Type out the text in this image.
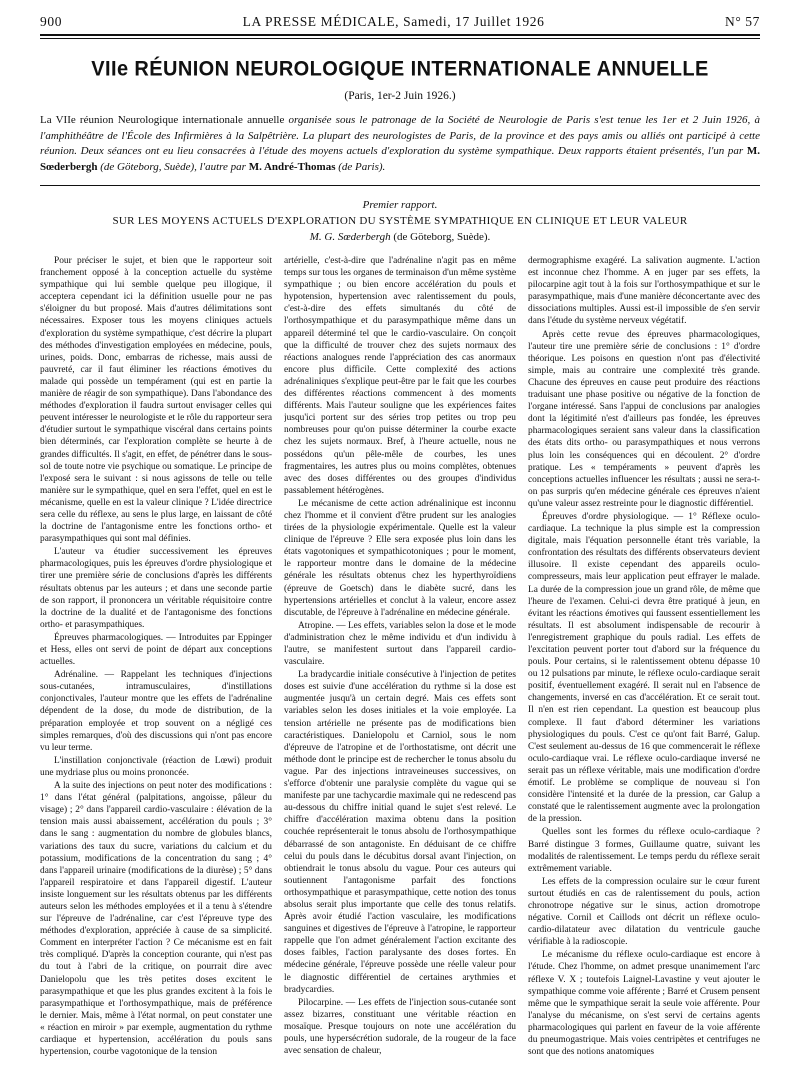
900	LA PRESSE MÉDICALE, Samedi, 17 Juillet 1926	N° 57
VIIe RÉUNION NEUROLOGIQUE INTERNATIONALE ANNUELLE
(Paris, 1er-2 Juin 1926.)
La VIIe réunion Neurologique internationale annuelle organisée sous le patronage de la Société de Neurologie de Paris s'est tenue les 1er et 2 Juin 1926, à l'amphithéâtre de l'École des Infirmières à la Salpêtrière. La plupart des neurologistes de Paris, de la province et des pays amis ou alliés ont participé à cette réunion. Deux séances ont eu lieu consacrées à l'étude des moyens actuels d'exploration du système sympathique. Deux rapports étaient présentés, l'un par M. Sœderbergh (de Göteborg, Suède), l'autre par M. André-Thomas (de Paris).
Premier rapport.
SUR LES MOYENS ACTUELS D'EXPLORATION DU SYSTÈME SYMPATHIQUE EN CLINIQUE ET LEUR VALEUR
M. G. Sœderbergh (de Göteborg, Suède).

Pour préciser le sujet, et bien que le rapporteur soit franchement opposé à la conception actuelle du système sympathique qui lui semble quelque peu illogique, il acceptera cependant ici la définition usuelle pour ne pas s'éloigner du but proposé. Mais d'autres délimitations sont nécessaires. Exposer tous les moyens cliniques actuels d'exploration du système sympathique, c'est décrire la plupart des méthodes d'investigation employées en médecine, pouls, urines, poids. Donc, embarras de richesse, mais aussi de pauvreté, car il faut éliminer les réactions émotives du malade qui possède un tempérament (qui est en partie la manière de réagir de son sympathique). Dans l'abondance des méthodes d'exploration il faudra surtout envisager celles qui peuvent intéresser le neurologiste et le rôle du rapporteur sera d'étudier surtout le sympathique viscéral dans certains points bien déterminés, car l'exploration complète se heurte à de grandes difficultés. Il s'agit, en effet, de pénétrer dans le sous-sol de toute notre vie psychique ou somatique. Le principe de l'exposé sera le suivant : si nous agissons de telle ou telle manière sur le sympathique, quel en sera l'effet, quel en est le mécanisme, quelle en est la valeur clinique ? L'idée directrice sera celle du réflexe, au sens le plus large, en laissant de côté la doctrine de l'antagonisme entre les fonctions ortho- et parasympathiques qui sont mal définies.

L'auteur va étudier successivement les épreuves pharmacologiques, puis les épreuves d'ordre physiologique et tirer une première série de conclusions d'après les différents résultats obtenus par les auteurs ; et dans une seconde partie de son rapport, il prononcera un véritable réquisitoire contre la doctrine de la dualité et de l'antagonisme des fonctions ortho- et parasympathiques.

Épreuves pharmacologiques. — Introduites par Eppinger et Hess, elles ont servi de point de départ aux conceptions actuelles.

Adrénaline. — Rappelant les techniques d'injections sous-cutanées, intramusculaires, d'instillations conjonctivales, l'auteur montre que les effets de l'adrénaline dépendent de la dose, du mode de distribution, de la préparation employée et trop souvent on a négligé ces simples remarques, d'où des discussions qui n'ont pas encore vu leur terme.

L'instillation conjonctivale (réaction de Lœwi) produit une mydriase plus ou moins prononcée.

A la suite des injections on peut noter des modifications : 1° dans l'état général (palpitations, angoisse, pâleur du visage) ; 2° dans l'appareil cardio-vasculaire : élévation de la tension mais aussi abaissement, accélération du pouls ; 3° dans le sang : augmentation du nombre de globules blancs, variations des taux du sucre, variations du calcium et du potassium, modifications de la concentration du sang ; 4° dans l'appareil urinaire (modifications de la diurèse) ; 5° dans l'appareil respiratoire et dans l'appareil digestif. L'auteur insiste longuement sur les résultats obtenus par les différents auteurs selon les méthodes employées et il a tenu à s'étendre sur l'épreuve de l'adrénaline, car c'est l'épreuve type des méthodes d'exploration, appréciée à cause de sa simplicité. Comment en interpréter l'action ? Ce mécanisme est en fait très compliqué. D'après la conception courante, qui n'est pas du tout à l'abri de la critique, on pourrait dire avec Danielopolu que les très petites doses excitent le parasympathique et que les plus grandes excitent à la fois le parasympathique et l'orthosympathique, mais de préférence le dernier. Mais, même à l'état normal, on peut constater une « réaction en miroir » par exemple, augmentation du rythme cardiaque et hypertension, accélération du pouls sans hypertension, courbe vagotonique de la tension

artérielle, c'est-à-dire que l'adrénaline n'agit pas en même temps sur tous les organes de terminaison d'un même système sympathique ; ou bien encore accélération du pouls et hypotension, hypertension avec ralentissement du pouls, c'est-à-dire des effets simultanés du côté de l'orthosympathique et du parasympathique même dans un appareil déterminé tel que le cardio-vasculaire. On conçoit que la difficulté de trouver chez des sujets normaux des réactions analogues rende l'appréciation des cas anormaux encore plus difficile. Cette complexité des actions adrénaliniques s'explique peut-être par le fait que les courbes des différentes réactions commencent à des moments différents. Mais l'auteur souligne que les expériences faites jusqu'ici portent sur des séries trop petites ou trop peu nombreuses pour qu'on puisse déterminer la courbe exacte chez les sujets normaux. Bref, à l'heure actuelle, nous ne possédons qu'un pêle-mêle de courbes, les unes fragmentaires, les autres plus ou moins complètes, obtenues avec des doses différentes ou des groupes d'individus passablement hétérogènes.

Le mécanisme de cette action adrénalinique est inconnu chez l'homme et il convient d'être prudent sur les analogies tirées de la physiologie expérimentale. Quelle est la valeur clinique de l'épreuve ? Elle sera exposée plus loin dans les états vagotoniques et sympathicotoniques ; pour le moment, le rapporteur montre dans le domaine de la médecine générale les résultats obtenus chez les hyperthyroïdiens (épreuve de Goetsch) dans le diabète sucré, dans les hypertensions artérielles et conclut à la valeur, encore assez discutable, de l'épreuve à l'adrénaline en médecine générale.

Atropine. — Les effets, variables selon la dose et le mode d'administration chez le même individu et d'un individu à l'autre, se manifestent surtout dans l'appareil cardio-vasculaire.

La bradycardie initiale consécutive à l'injection de petites doses est suivie d'une accélération du rythme si la dose est augmentée jusqu'à un certain degré. Mais ces effets sont variables selon les doses initiales et la voie employée. La tension artérielle ne présente pas de modifications bien caractéristiques. Danielopolu et Carniol, sous le nom d'épreuve de l'atropine et de l'orthostatisme, ont décrit une méthode dont le principe est de rechercher le tonus absolu du vague. Par des injections intraveineuses successives, on s'efforce d'obtenir une paralysie complète du vague qui se manifeste par une tachycardie maximale qui ne redescend pas au-dessous du chiffre initial quand le sujet s'est relevé. Le chiffre d'accélération maxima obtenu dans la position couchée représenterait le tonus absolu de l'orthosympathique débarrassé de son antagoniste. En déduisant de ce chiffre celui du pouls dans le décubitus dorsal avant l'injection, on obtiendrait le tonus absolu du vague. Pour ces auteurs qui soutiennent l'antagonisme parfait des fonctions orthosympathique et parasympathique, cette notion des tonus absolus serait plus importante que celle des tonus relatifs. Après avoir étudié l'action vasculaire, les modifications sanguines et digestives de l'épreuve à l'atropine, le rapporteur rappelle que l'on admet généralement l'action excitante des doses faibles, l'action paralysante des doses fortes. En médecine générale, l'épreuve possède une réelle valeur pour le diagnostic différentiel de certaines arythmies et bradycardies.

Pilocarpine. — Les effets de l'injection sous-cutanée sont assez bizarres, constituant une véritable réaction en mosaïque. Presque toujours on note une accélération du pouls, une hypersécrétion sudorale, de la rougeur de la face avec sensation de chaleur,

dermographisme exagéré. La salivation augmente. L'action est inconnue chez l'homme. A en juger par ses effets, la pilocarpine agit tout à la fois sur l'orthosympathique et sur le parasympathique, mais d'une manière déconcertante avec des dissociations multiples. Aussi est-il impossible de s'en servir dans l'étude du système nerveux végétatif.

Après cette revue des épreuves pharmacologiques, l'auteur tire une première série de conclusions : 1° d'ordre théorique. Les poisons en question n'ont pas d'électivité simple, mais au contraire une complexité très grande. Chacune des épreuves en cause peut produire des réactions traduisant une phase positive ou négative de la fonction de l'organe intéressé. Sans l'appui de conclusions par analogies dont la légitimité n'est d'ailleurs pas fondée, les épreuves pharmacologiques seraient sans valeur dans la classification des états dits ortho- ou parasympathiques et nous verrons plus loin les conséquences qui en découlent. 2° d'ordre pratique. Les « tempéraments » peuvent d'après les conceptions actuelles influencer les résultats ; aussi ne sera-t-on pas surpris qu'en médecine générale ces épreuves n'aient qu'une valeur assez restreinte pour le diagnostic différentiel.

Épreuves d'ordre physiologique. — 1° Réflexe oculo-cardiaque. La technique la plus simple est la compression digitale, mais l'équation personnelle étant très variable, la confrontation des résultats des différents observateurs devient illusoire. Il existe cependant des appareils oculo-compresseurs, mais leur application peut effrayer le malade. La durée de la compression joue un grand rôle, de même que l'heure de l'examen. Celui-ci devra être pratiqué à jeun, en évitant les réactions émotives qui faussent essentiellement les résultats. Il est absolument indispensable de recourir à l'enregistrement graphique du pouls radial. Les effets de l'excitation peuvent porter tout d'abord sur la fréquence du pouls. Pour certains, si le ralentissement obtenu dépasse 10 ou 12 pulsations par minute, le réflexe oculo-cardiaque serait positif, éventuellement exagéré. Il serait nul en l'absence de changements, inversé en cas d'accélération. Et ce serait tout. Il n'en est rien cependant. La question est beaucoup plus complexe. Il faut d'abord déterminer les variations physiologiques du pouls. C'est ce qu'ont fait Barré, Galup. C'est seulement au-dessus de 16 que commencerait le réflexe oculo-cardiaque vrai. Le réflexe oculo-cardiaque inversé ne serait pas un réflexe véritable, mais une modification d'ordre émotif. Le problème se complique de nouveau si l'on considère l'intensité et la durée de la pression, car Galup a constaté que le ralentissement augmente avec la prolongation de la pression.

Quelles sont les formes du réflexe oculo-cardiaque ? Barré distingue 3 formes, Guillaume quatre, suivant les modalités de ralentissement. Le temps perdu du réflexe serait extrêmement variable.

Les effets de la compression oculaire sur le cœur furent surtout étudiés en cas de ralentissement du pouls, action chronotrope négative sur le sinus, action dromotrope négative. Cornil et Caillods ont décrit un réflexe oculo-cardio-dilatateur avec dilatation du ventricule gauche vérifiable à la radioscopie.

Le mécanisme du réflexe oculo-cardiaque est encore à l'étude. Chez l'homme, on admet presque unanimement l'arc réflexe V. X ; toutefois Laignel-Lavastine y veut ajouter le sympathique comme voie afférente ; Barré et Crusem pensent même que le sympathique serait la seule voie afférente. Pour l'analyse du mécanisme, on s'est servi de certains agents pharmacologiques qui parlent en faveur de la voie afférente du pneumogastrique. Mais voies centripètes et centrifuges ne sont que des notions anatomiques
